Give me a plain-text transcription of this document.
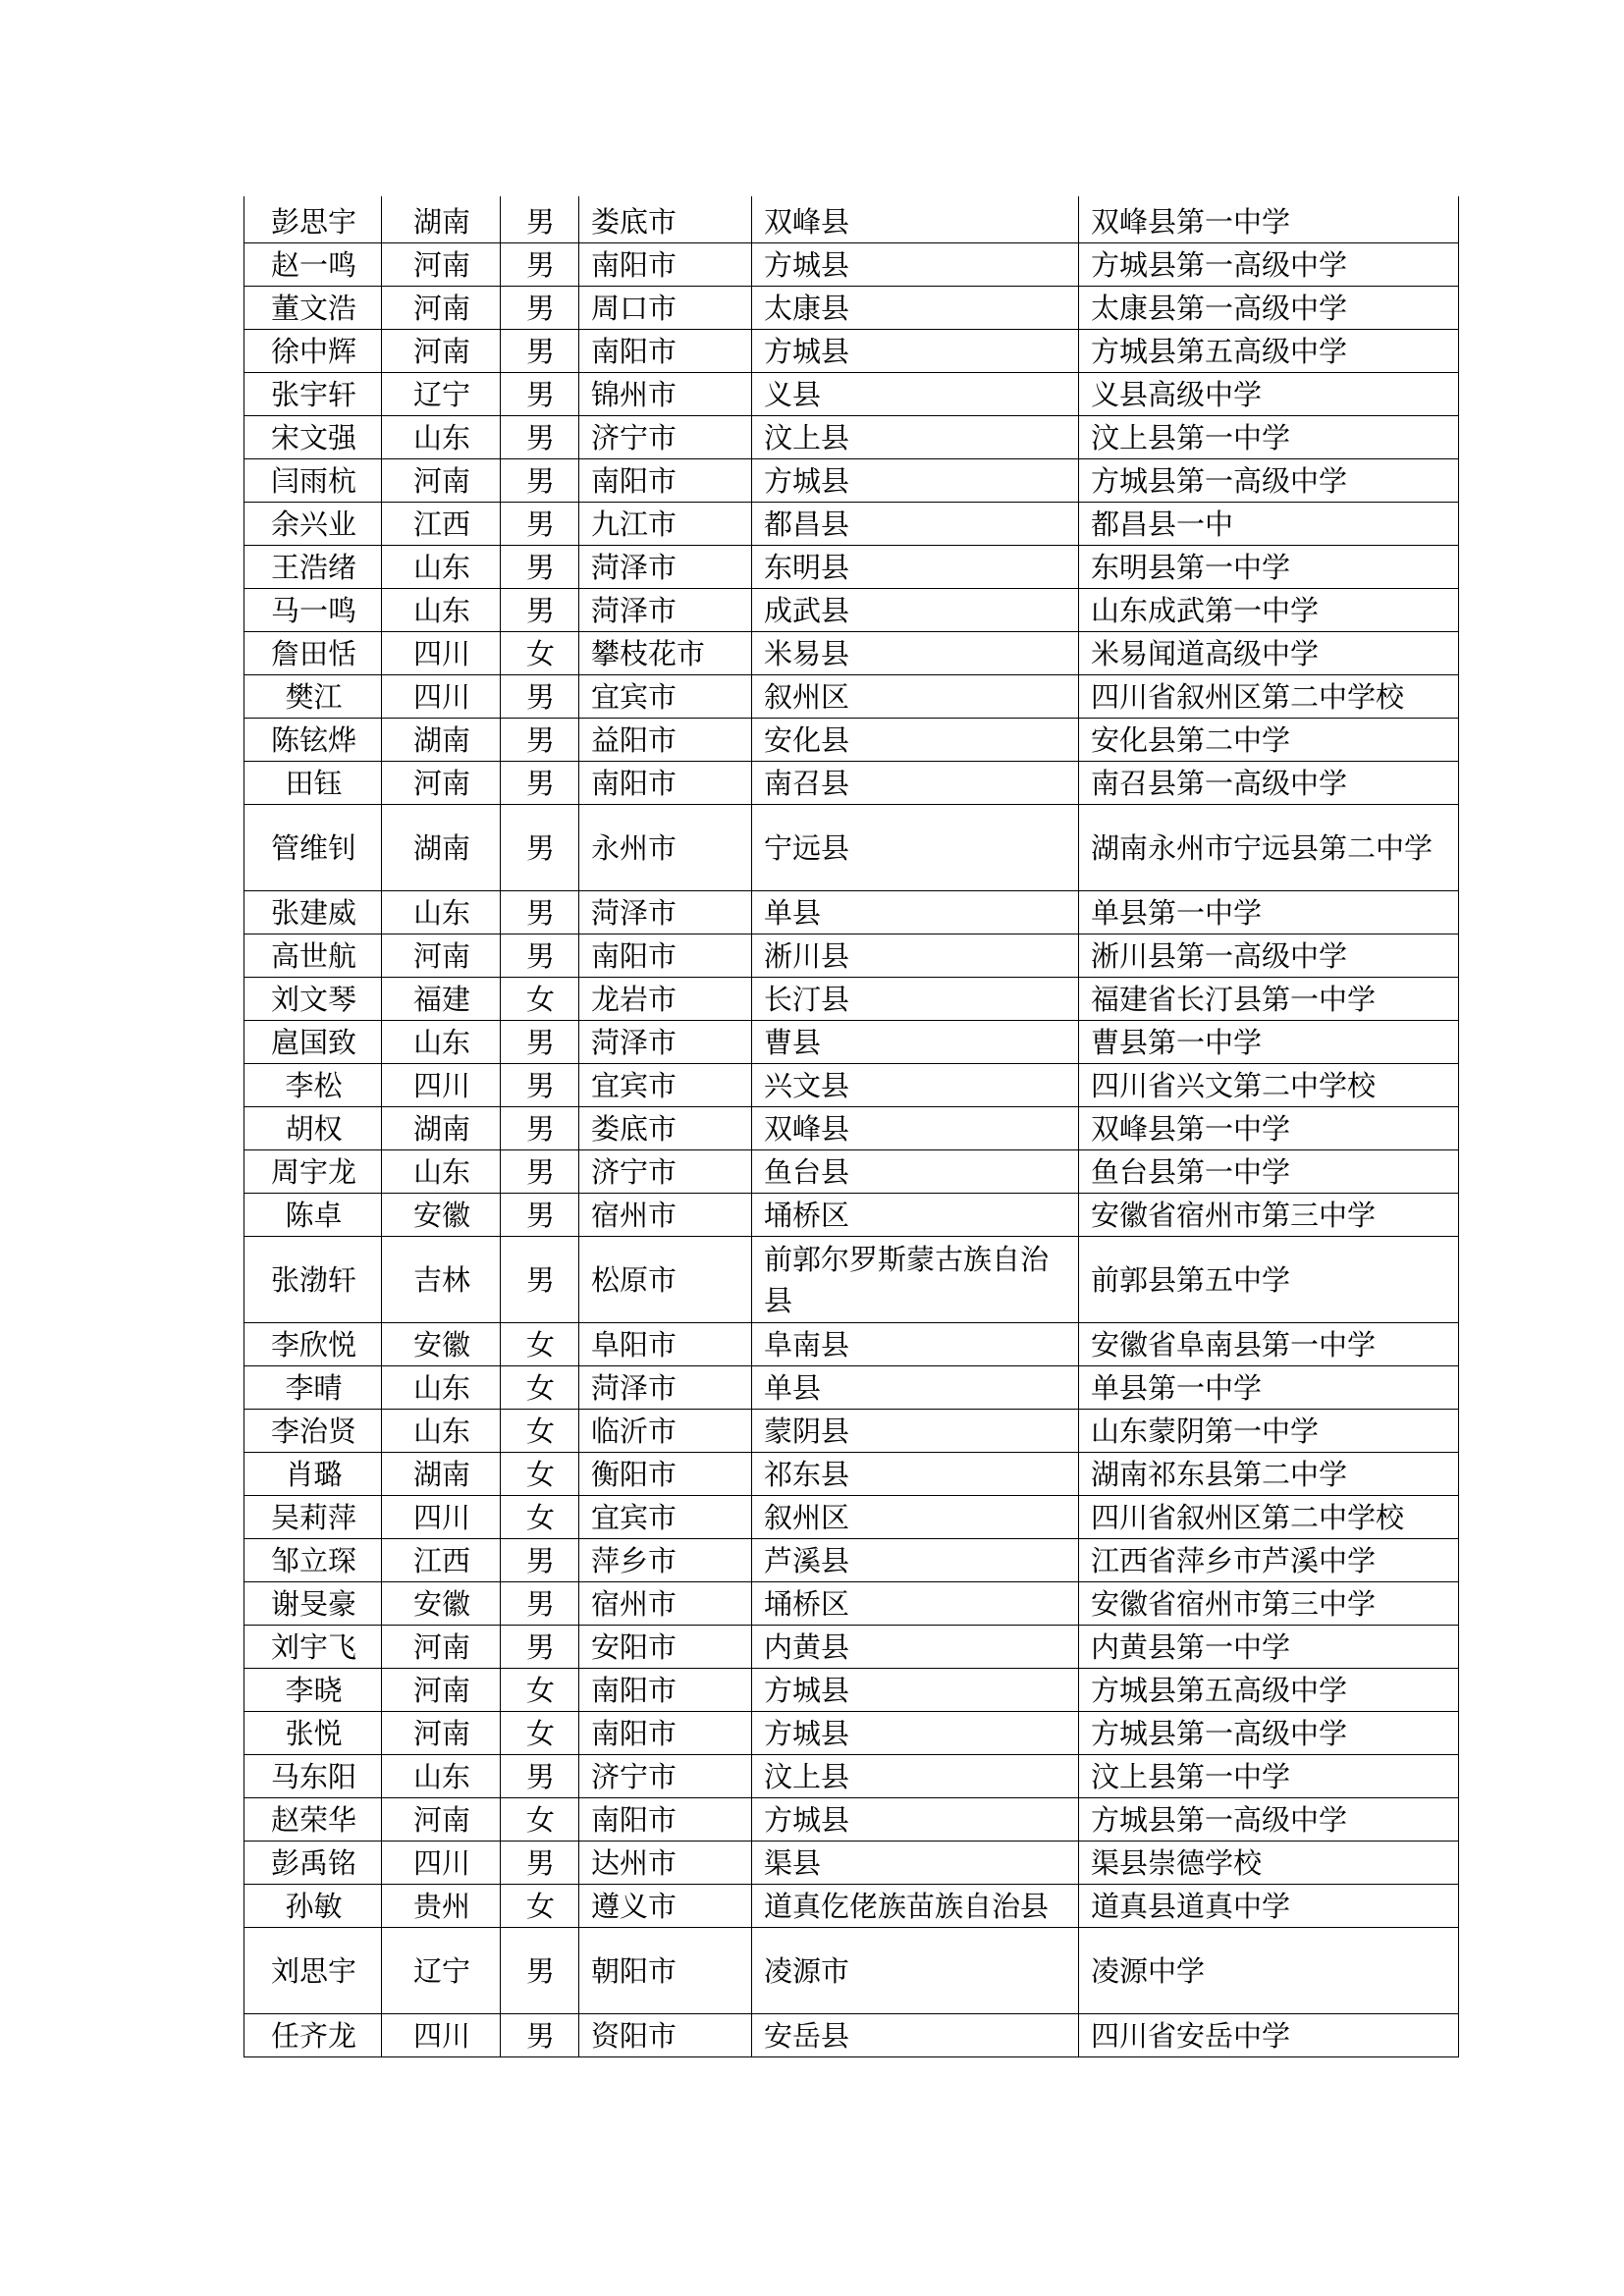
彭思宇	湖南	男	娄底市	双峰县	双峰县第一中学
赵一鸣	河南	男	南阳市	方城县	方城县第一高级中学
董文浩	河南	男	周口市	太康县	太康县第一高级中学
徐中辉	河南	男	南阳市	方城县	方城县第五高级中学
张宇轩	辽宁	男	锦州市	义县	义县高级中学
宋文强	山东	男	济宁市	汶上县	汶上县第一中学
闫雨杭	河南	男	南阳市	方城县	方城县第一高级中学
余兴业	江西	男	九江市	都昌县	都昌县一中
王浩绪	山东	男	菏泽市	东明县	东明县第一中学
马一鸣	山东	男	菏泽市	成武县	山东成武第一中学
詹田恬	四川	女	攀枝花市	米易县	米易闻道高级中学
樊江	四川	男	宜宾市	叙州区	四川省叙州区第二中学校
陈铉烨	湖南	男	益阳市	安化县	安化县第二中学
田钰	河南	男	南阳市	南召县	南召县第一高级中学
管维钊	湖南	男	永州市	宁远县	湖南永州市宁远县第二中学
张建威	山东	男	菏泽市	单县	单县第一中学
高世航	河南	男	南阳市	淅川县	淅川县第一高级中学
刘文琴	福建	女	龙岩市	长汀县	福建省长汀县第一中学
扈国致	山东	男	菏泽市	曹县	曹县第一中学
李松	四川	男	宜宾市	兴文县	四川省兴文第二中学校
胡权	湖南	男	娄底市	双峰县	双峰县第一中学
周宇龙	山东	男	济宁市	鱼台县	鱼台县第一中学
陈卓	安徽	男	宿州市	埇桥区	安徽省宿州市第三中学
张渤轩	吉林	男	松原市	前郭尔罗斯蒙古族自治县	前郭县第五中学
李欣悦	安徽	女	阜阳市	阜南县	安徽省阜南县第一中学
李晴	山东	女	菏泽市	单县	单县第一中学
李治贤	山东	女	临沂市	蒙阴县	山东蒙阴第一中学
肖璐	湖南	女	衡阳市	祁东县	湖南祁东县第二中学
吴莉萍	四川	女	宜宾市	叙州区	四川省叙州区第二中学校
邹立琛	江西	男	萍乡市	芦溪县	江西省萍乡市芦溪中学
谢旻豪	安徽	男	宿州市	埇桥区	安徽省宿州市第三中学
刘宇飞	河南	男	安阳市	内黄县	内黄县第一中学
李晓	河南	女	南阳市	方城县	方城县第五高级中学
张悦	河南	女	南阳市	方城县	方城县第一高级中学
马东阳	山东	男	济宁市	汶上县	汶上县第一中学
赵荣华	河南	女	南阳市	方城县	方城县第一高级中学
彭禹铭	四川	男	达州市	渠县	渠县崇德学校
孙敏	贵州	女	遵义市	道真仡佬族苗族自治县	道真县道真中学
刘思宇	辽宁	男	朝阳市	凌源市	凌源中学
任齐龙	四川	男	资阳市	安岳县	四川省安岳中学
